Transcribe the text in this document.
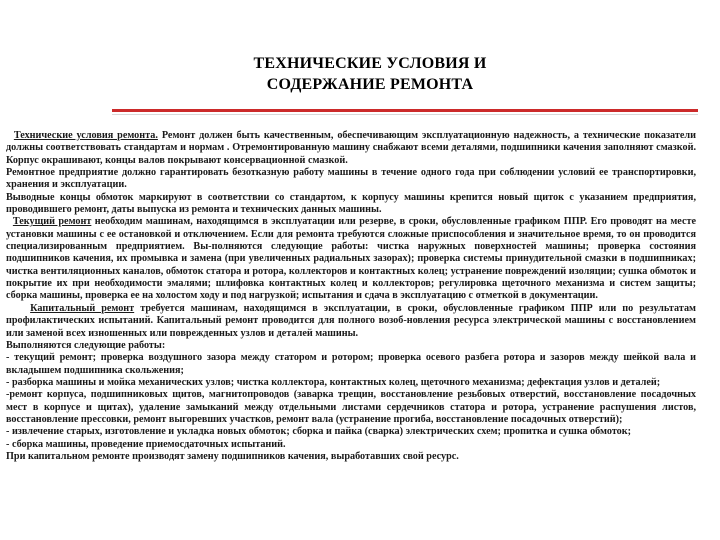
ТЕХНИЧЕСКИЕ УСЛОВИЯ И
СОДЕРЖАНИЕ РЕМОНТА

Технические условия ремонта. Ремонт должен быть качественным, обеспечивающим эксплуатационную надежность, а технические показатели должны соответствовать стандартам и нормам . Отремонтированную машину снабжают всеми деталями, подшипники качения заполняют смазкой. Корпус окрашивают, концы валов покрывают консервационной смазкой.

Ремонтное предприятие должно гарантировать безотказную работу машины в течение одного года при соблюдении условий ее транспортировки, хранения и эксплуатации.

Выводные концы обмоток маркируют в соответствии со стандартом, к корпусу машины крепится новый щиток с указанием предприятия, проводившего ремонт, даты выпуска из ремонта и технических данных машины.

Текущий ремонт необходим машинам, находящимся в эксплуатации или резерве, в сроки, обусловленные графиком ППР. Его проводят на месте установки машины с ее остановкой и отключением. Если для ремонта требуются сложные приспособления и значительное время, то он проводится специализированным предприятием. Вы-полняются следующие работы: чистка наружных поверхностей машины; проверка состояния подшипников качения, их промывка и замена (при увеличенных радиальных зазорах); проверка системы принудительной смазки в подшипниках; чистка вентиляционных каналов, обмоток статора и ротора, коллекторов и контактных колец; устранение повреждений изоляции; сушка обмоток и покрытие их при необходимости эмалями; шлифовка контактных колец и коллекторов; регулировка щеточного механизма и систем защиты; сборка машины, проверка ее на холостом ходу и под нагрузкой; испытания и сдача в эксплуатацию с отметкой в документации.

Капитальный ремонт требуется машинам, находящимся в эксплуатации, в сроки, обусловленные графиком ППР или по результатам профилактических испытаний. Капитальный ремонт проводится для полного возоб-новления ресурса электрической машины с восстановлением или заменой всех изношенных или поврежденных узлов и деталей машины.

Выполняются следующие работы:

- текущий ремонт; проверка воздушного зазора между статором и ротором; проверка осевого разбега ротора и зазоров между шейкой вала и вкладышем подшипника скольжения;

- разборка машины и мойка механических узлов; чистка коллектора, контактных колец, щеточного механизма; дефектация узлов и деталей;

-ремонт корпуса, подшипниковых щитов, магнитопроводов (заварка трещин, восстановление резьбовых отверстий, восстановление посадочных мест в корпусе и щитах), удаление замыканий между отдельными листами сердечников статора и ротора, устранение распушения листов, восстановление прессовки, ремонт выгоревших участков, ремонт вала (устранение прогиба, восстановление посадочных отверстий);

- извлечение старых, изготовление и укладка новых обмоток; сборка и пайка (сварка) электрических схем; пропитка и сушка обмоток;

- сборка машины, проведение приемосдаточных испытаний.

При капитальном ремонте производят замену подшипников качения, выработавших свой ресурс.
